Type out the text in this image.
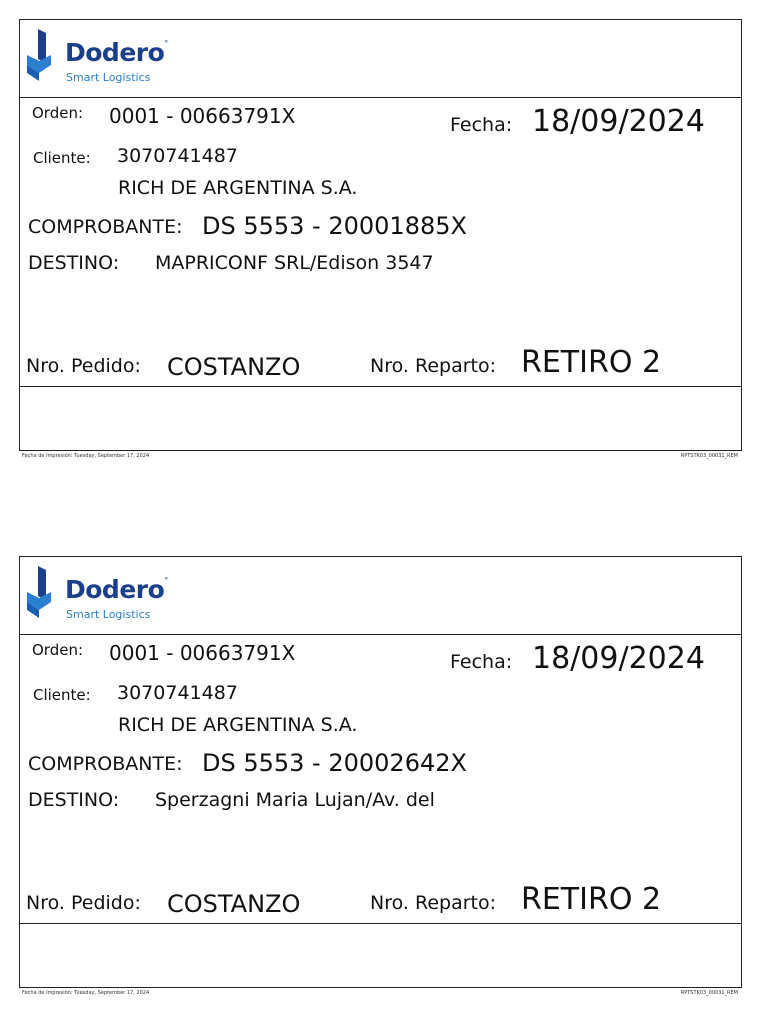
Dodero°
Smart Logistics
Orden: 0001 - 00663791X	Fecha: 18/09/2024
Cliente: 3070741487
RICH DE ARGENTINA S.A.
COMPROBANTE: DS 5553 - 20001885X
DESTINO: MAPRICONF SRL/Edison 3547
Nro. Pedido: COSTANZO	Nro. Reparto: RETIRO 2
Fecha de Impresión: Tuesday, September 17, 2024	RPTSTK03_00031_REM
Dodero°
Smart Logistics
Orden: 0001 - 00663791X	Fecha: 18/09/2024
Cliente: 3070741487
RICH DE ARGENTINA S.A.
COMPROBANTE: DS 5553 - 20002642X
DESTINO: Sperzagni Maria Lujan/Av. del
Nro. Pedido: COSTANZO	Nro. Reparto: RETIRO 2
Fecha de Impresión: Tuesday, September 17, 2024	RPTSTK03_00031_REM
